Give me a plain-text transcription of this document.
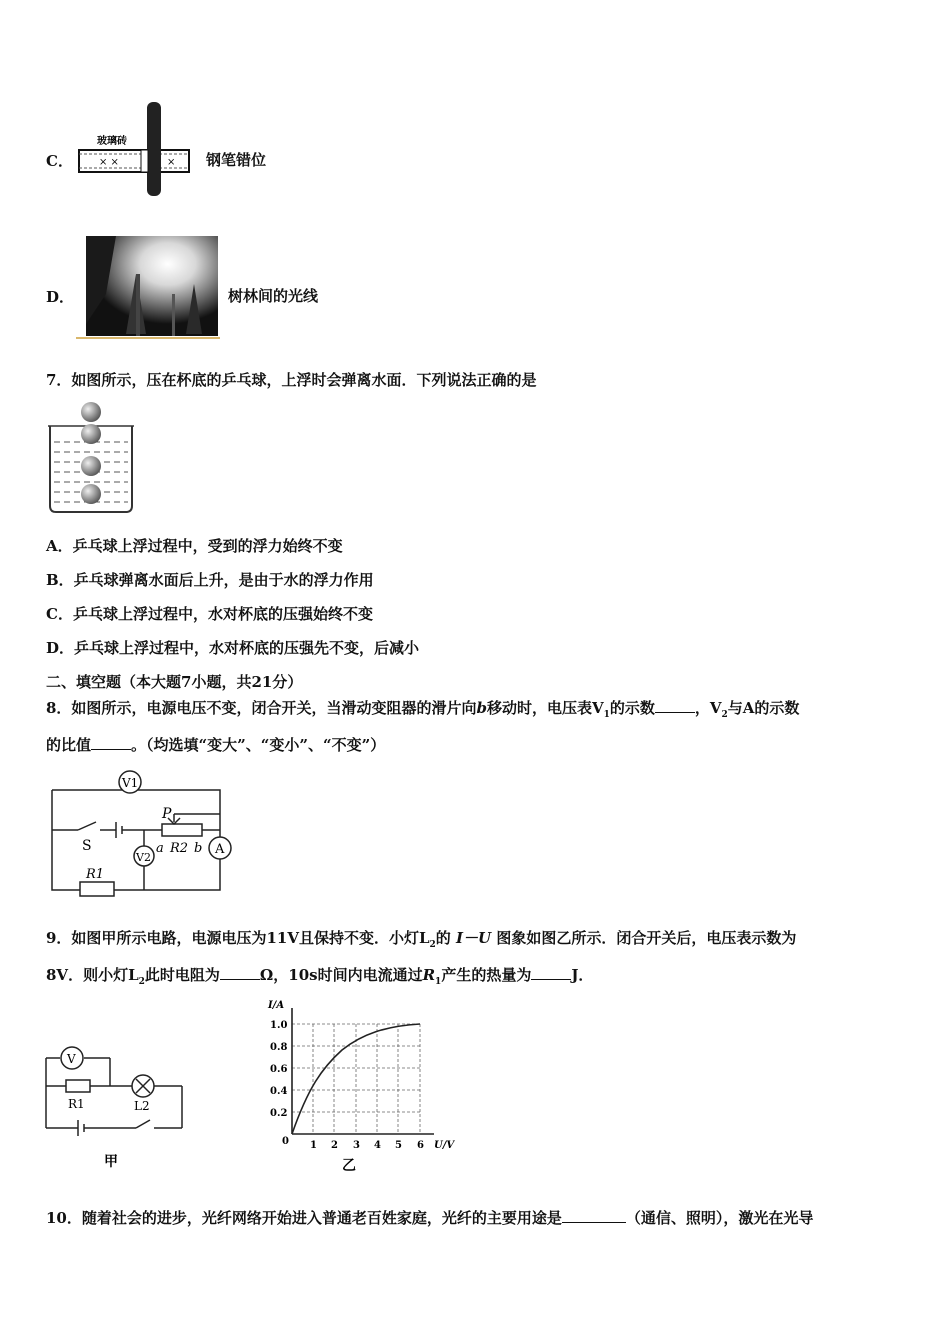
C．	× ×	×
玻璃砖
钢笔错位
D．	树林间的光线
7．如图所示，压在杯底的乒乓球，上浮时会弹离水面．下列说法正确的是
A．乒乓球上浮过程中，受到的浮力始终不变
B．乒乓球弹离水面后上升，是由于水的浮力作用
C．乒乓球上浮过程中，水对杯底的压强始终不变
D．乒乓球上浮过程中，水对杯底的压强先不变，后减小
二、填空题（本大题7小题，共21分）
8．如图所示，电源电压不变，闭合开关，当滑动变阻器的滑片向b移动时，电压表$V_1$的示数	，$V_2$与A的示数
的比值	。（均选填“变大”、“变小”、“不变”）
V1
V2
A
P
S	a R2 b
R1
9．如图甲所示电路，电源电压为11V且保持不变．小灯$L_2$的 I－U 图象如图乙所示．闭合开关后，电压表示数为
8V．则小灯$L_2$此时电阻为	Ω，10s时间内电流通过$R_1$产生的热量为	J．
V
R1	L2
甲
I/A
U/V
0
0.2
0.4
0.6
0.8
1.0
1 2 3 4 5 6
乙
10．随着社会的进步，光纤网络开始进入普通老百姓家庭，光纤的主要用途是	（通信、照明），激光在光导
